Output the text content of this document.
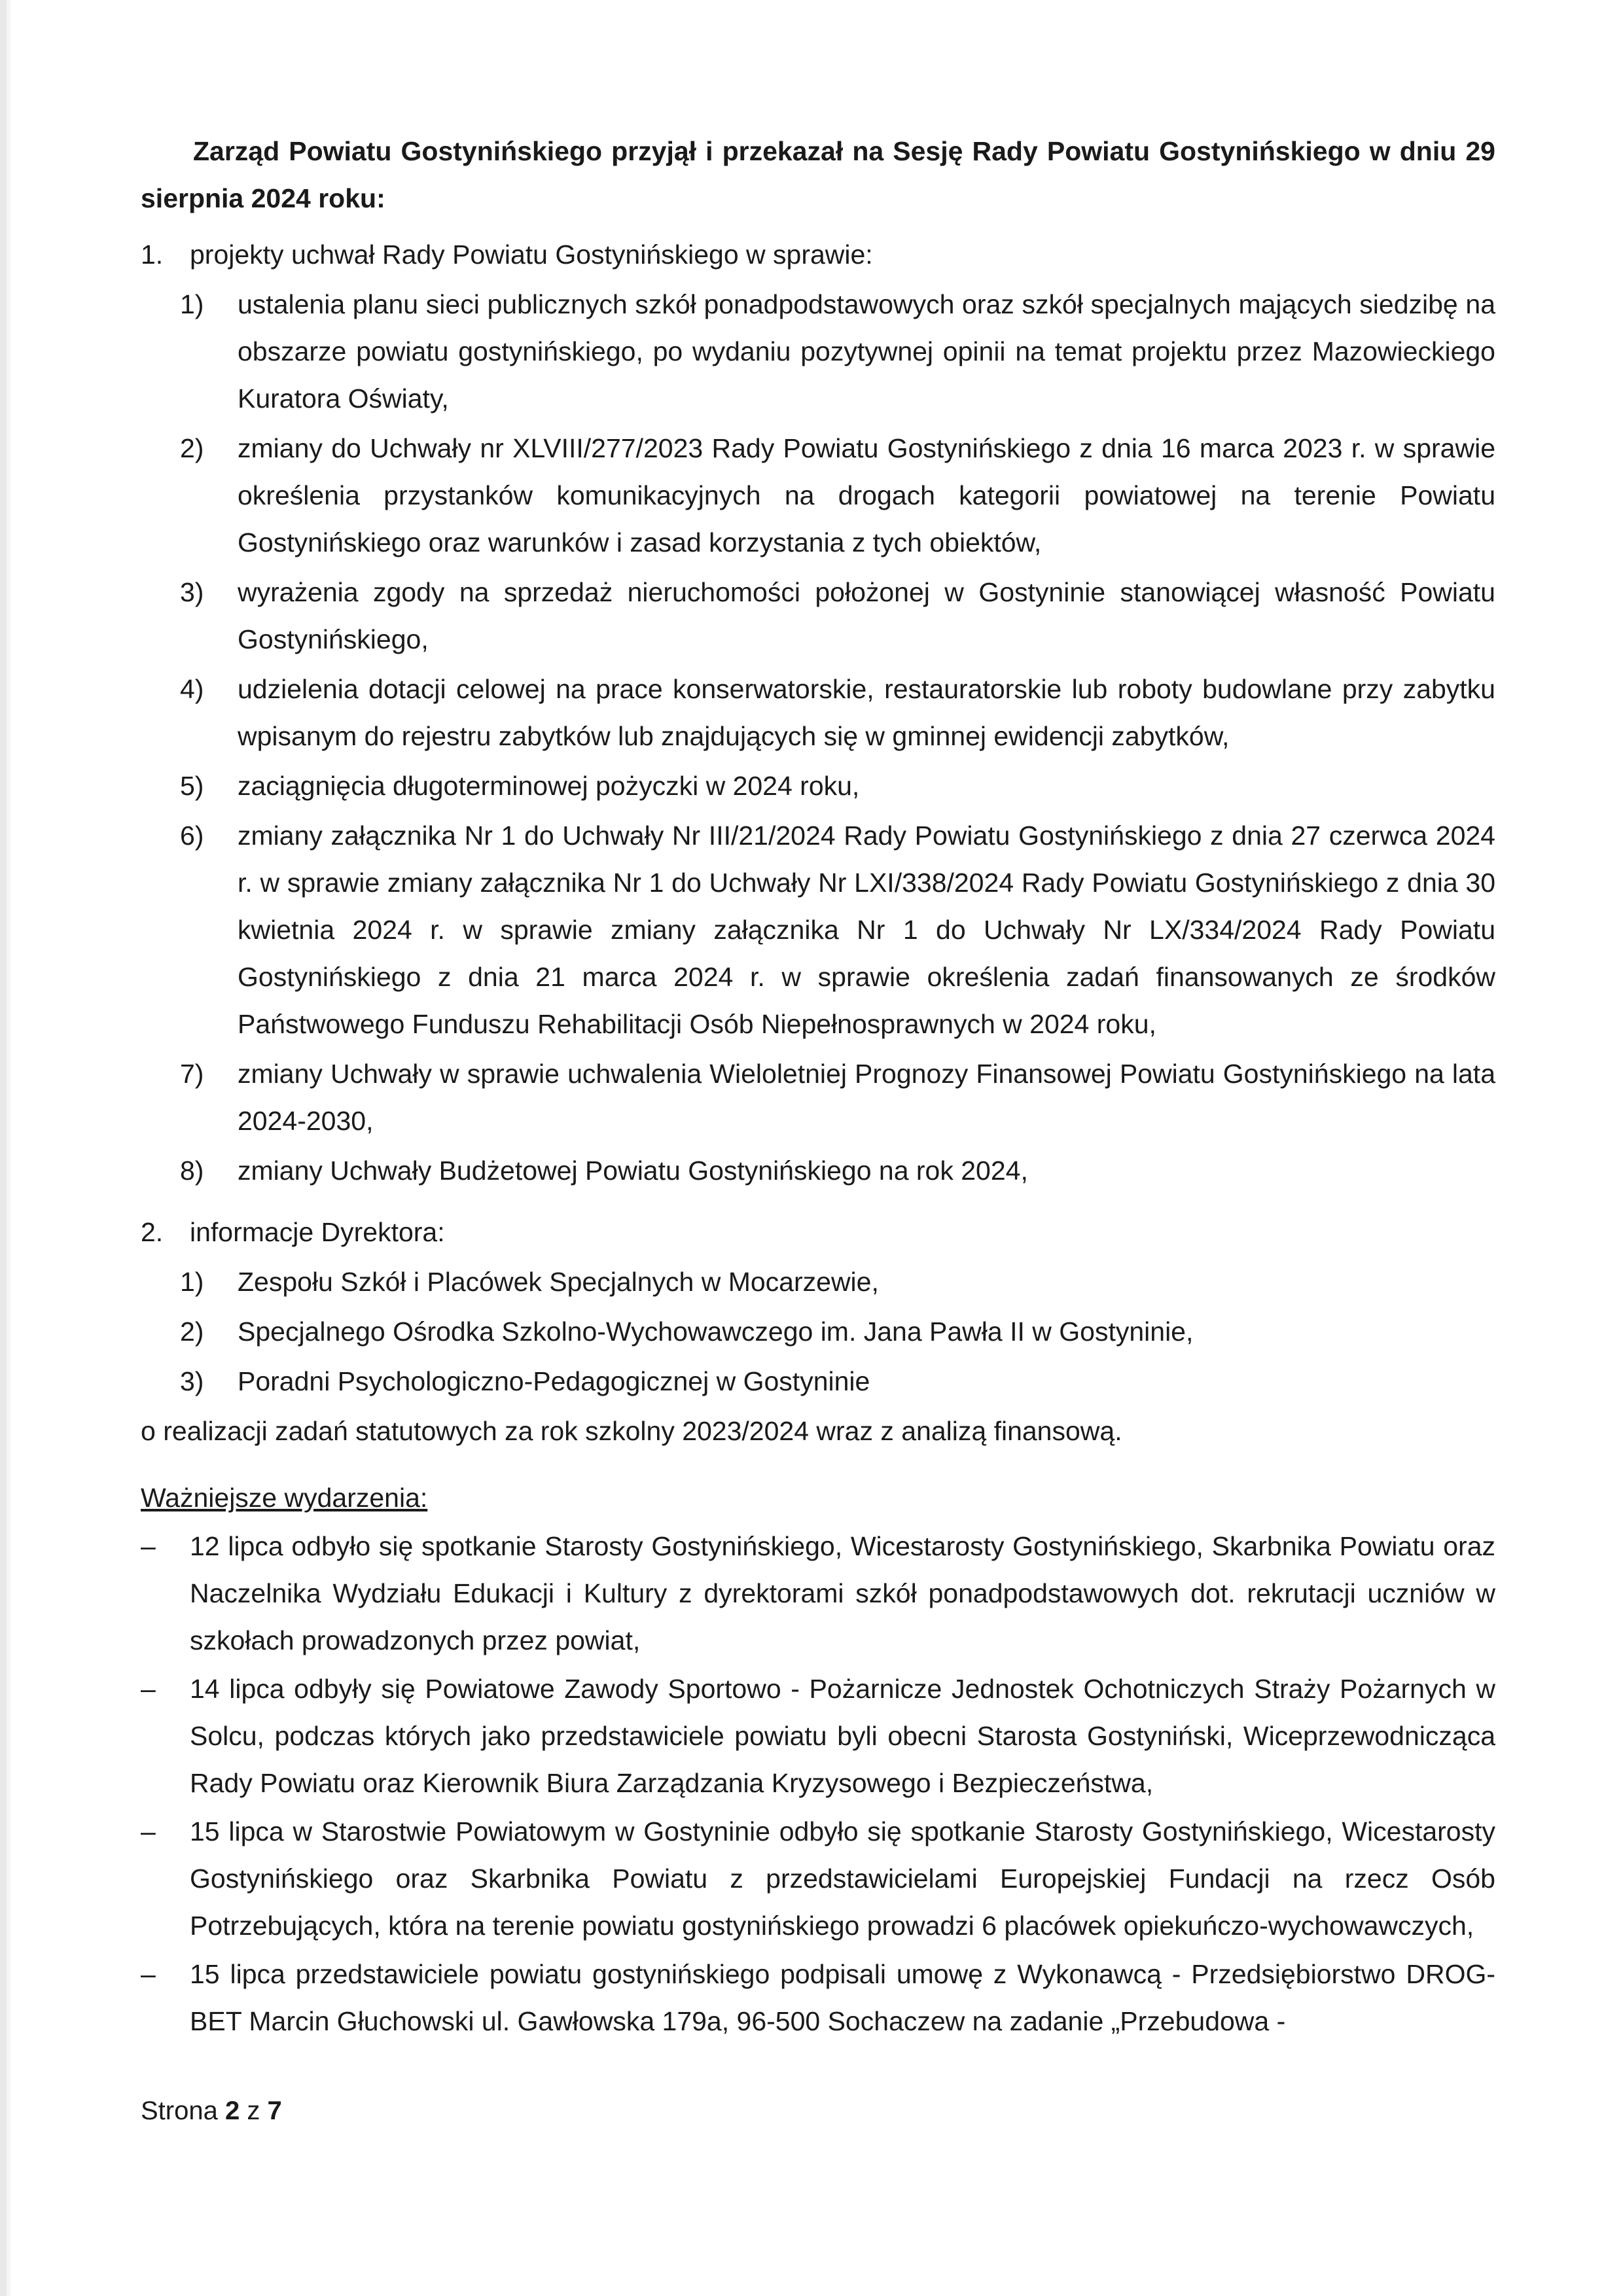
Zarząd Powiatu Gostynińskiego przyjął i przekazał na Sesję Rady Powiatu Gostynińskiego w dniu 29 sierpnia 2024 roku:

1. projekty uchwał Rady Powiatu Gostynińskiego w sprawie:
1)	ustalenia planu sieci publicznych szkół ponadpodstawowych oraz szkół specjalnych mających siedzibę na obszarze powiatu gostynińskiego, po wydaniu pozytywnej opinii na temat projektu przez Mazowieckiego Kuratora Oświaty,
2)	zmiany do Uchwały nr XLVIII/277/2023 Rady Powiatu Gostynińskiego z dnia 16 marca 2023 r. w sprawie określenia przystanków komunikacyjnych na drogach kategorii powiatowej na terenie Powiatu Gostynińskiego oraz warunków i zasad korzystania z tych obiektów,
3)	wyrażenia zgody na sprzedaż nieruchomości położonej w Gostyninie stanowiącej własność Powiatu Gostynińskiego,
4)	udzielenia dotacji celowej na prace konserwatorskie, restauratorskie lub roboty budowlane przy zabytku wpisanym do rejestru zabytków lub znajdujących się w gminnej ewidencji zabytków,
5)	zaciągnięcia długoterminowej pożyczki w 2024 roku,
6)	zmiany załącznika Nr 1 do Uchwały Nr III/21/2024 Rady Powiatu Gostynińskiego z dnia 27 czerwca 2024 r. w sprawie zmiany załącznika Nr 1 do Uchwały Nr LXI/338/2024 Rady Powiatu Gostynińskiego z dnia 30 kwietnia 2024 r. w sprawie zmiany załącznika Nr 1 do Uchwały Nr LX/334/2024 Rady Powiatu Gostynińskiego z dnia 21 marca 2024 r. w sprawie określenia zadań finansowanych ze środków Państwowego Funduszu Rehabilitacji Osób Niepełnosprawnych w 2024 roku,
7)	zmiany Uchwały w sprawie uchwalenia Wieloletniej Prognozy Finansowej Powiatu Gostynińskiego na lata 2024-2030,
8)	zmiany Uchwały Budżetowej Powiatu Gostynińskiego na rok 2024,
2. informacje Dyrektora:
1)	Zespołu Szkół i Placówek Specjalnych w Mocarzewie,
2)	Specjalnego Ośrodka Szkolno-Wychowawczego im. Jana Pawła II w Gostyninie,
3)	Poradni Psychologiczno-Pedagogicznej w Gostyninie
o realizacji zadań statutowych za rok szkolny 2023/2024 wraz z analizą finansową.
Ważniejsze wydarzenia:
–	12 lipca odbyło się spotkanie Starosty Gostynińskiego, Wicestarosty Gostynińskiego, Skarbnika Powiatu oraz Naczelnika Wydziału Edukacji i Kultury z dyrektorami szkół ponadpodstawowych dot. rekrutacji uczniów w szkołach prowadzonych przez powiat,
–	14 lipca odbyły się Powiatowe Zawody Sportowo - Pożarnicze Jednostek Ochotniczych Straży Pożarnych w Solcu, podczas których jako przedstawiciele powiatu byli obecni Starosta Gostyniński, Wiceprzewodnicząca Rady Powiatu oraz Kierownik Biura Zarządzania Kryzysowego i Bezpieczeństwa,
–	15 lipca w Starostwie Powiatowym w Gostyninie odbyło się spotkanie Starosty Gostynińskiego, Wicestarosty Gostynińskiego oraz Skarbnika Powiatu z przedstawicielami Europejskiej Fundacji na rzecz Osób Potrzebujących, która na terenie powiatu gostynińskiego prowadzi 6 placówek opiekuńczo-wychowawczych,
–	15 lipca przedstawiciele powiatu gostynińskiego podpisali umowę z Wykonawcą - Przedsiębiorstwo DROG-BET Marcin Głuchowski ul. Gawłowska 179a, 96-500 Sochaczew na zadanie „Przebudowa -
Strona 2 z 7
